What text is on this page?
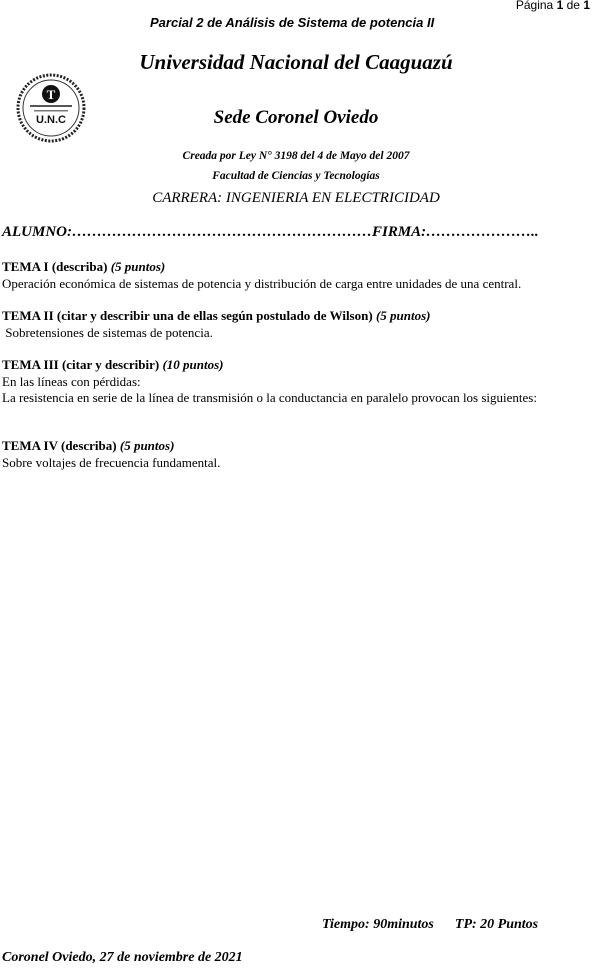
Página 1 de 1
Parcial 2 de Análisis de Sistema de potencia II
T
U.N.C
Universidad Nacional del Caaguazú
Sede Coronel Oviedo
Creada por Ley N° 3198 del 4 de Mayo del 2007
Facultad de Ciencias y Tecnologías
CARRERA: INGENIERIA EN ELECTRICIDAD
ALUMNO:……………………………………………………FIRMA:…………………..
TEMA I (describa) (5 puntos)
Operación económica de sistemas de potencia y distribución de carga entre unidades de una central.
TEMA II (citar y describir una de ellas según postulado de Wilson) (5 puntos)
Sobretensiones de sistemas de potencia.
TEMA III (citar y describir) (10 puntos)
En las líneas con pérdidas:
La resistencia en serie de la línea de transmisión o la conductancia en paralelo provocan los siguientes:
TEMA IV (describa) (5 puntos)
Sobre voltajes de frecuencia fundamental.
Tiempo: 90minutos TP: 20 Puntos
Coronel Oviedo, 27 de noviembre de 2021
